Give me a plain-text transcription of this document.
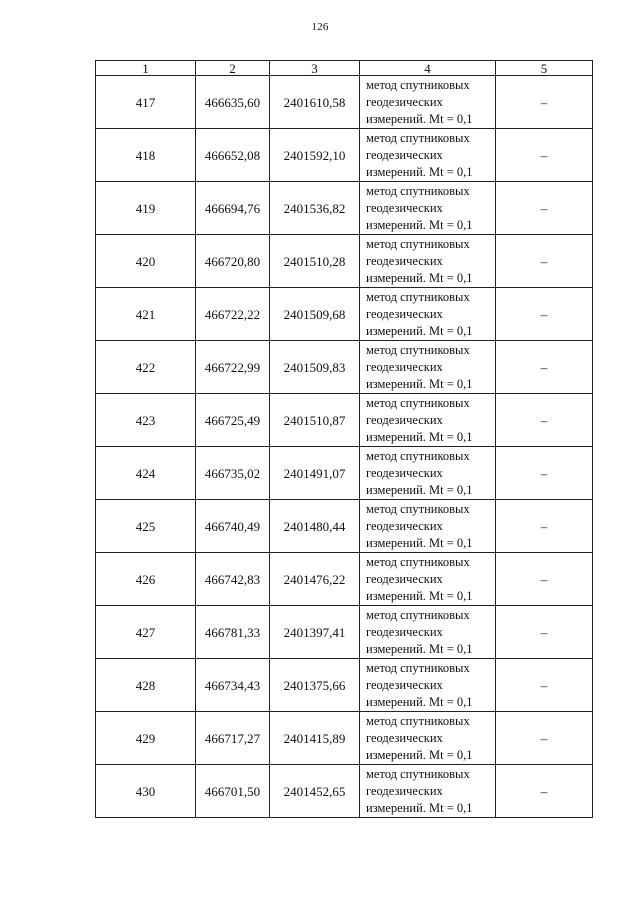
126
1	2	3	4	5
417	466635,60	2401610,58	метод спутниковых
геодезических
измерений. Mt = 0,1	–
418	466652,08	2401592,10	метод спутниковых
геодезических
измерений. Mt = 0,1	–
419	466694,76	2401536,82	метод спутниковых
геодезических
измерений. Mt = 0,1	–
420	466720,80	2401510,28	метод спутниковых
геодезических
измерений. Mt = 0,1	–
421	466722,22	2401509,68	метод спутниковых
геодезических
измерений. Mt = 0,1	–
422	466722,99	2401509,83	метод спутниковых
геодезических
измерений. Mt = 0,1	–
423	466725,49	2401510,87	метод спутниковых
геодезических
измерений. Mt = 0,1	–
424	466735,02	2401491,07	метод спутниковых
геодезических
измерений. Mt = 0,1	–
425	466740,49	2401480,44	метод спутниковых
геодезических
измерений. Mt = 0,1	–
426	466742,83	2401476,22	метод спутниковых
геодезических
измерений. Mt = 0,1	–
427	466781,33	2401397,41	метод спутниковых
геодезических
измерений. Mt = 0,1	–
428	466734,43	2401375,66	метод спутниковых
геодезических
измерений. Mt = 0,1	–
429	466717,27	2401415,89	метод спутниковых
геодезических
измерений. Mt = 0,1	–
430	466701,50	2401452,65	метод спутниковых
геодезических
измерений. Mt = 0,1	–
